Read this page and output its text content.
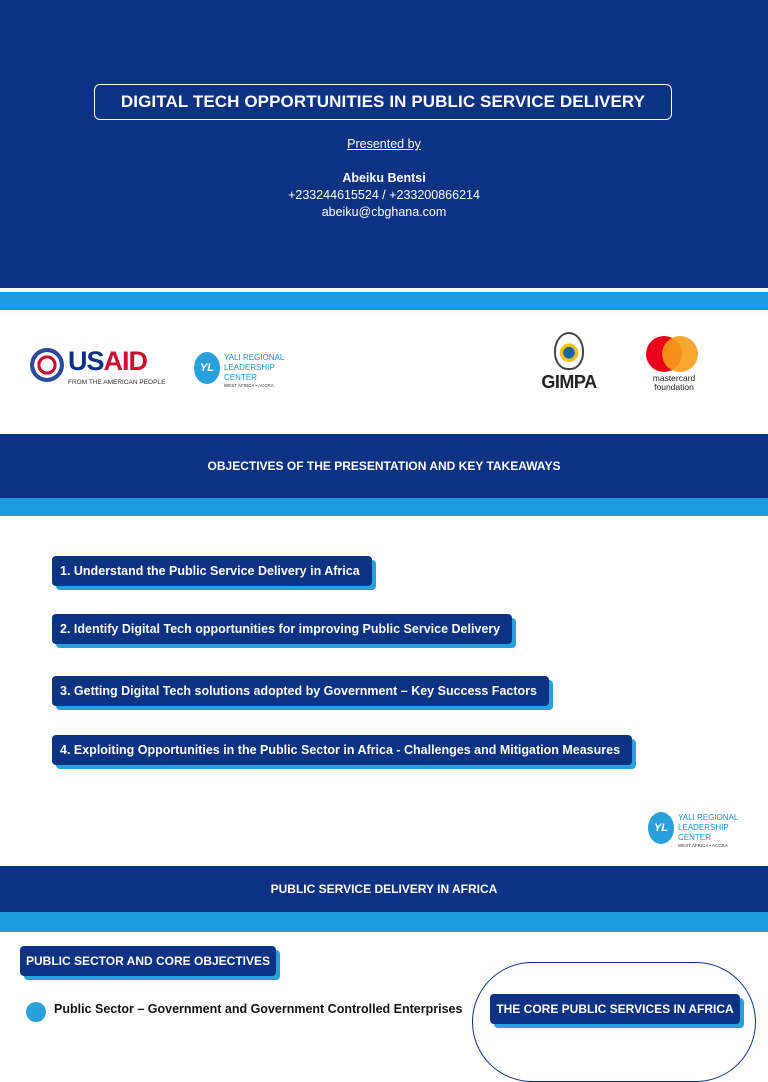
DIGITAL TECH OPPORTUNITIES IN PUBLIC SERVICE DELIVERY
Presented by
Abeiku Bentsi
+233244615524 / +233200866214
abeiku@cbghana.com
USAID
FROM THE AMERICAN PEOPLE
YL
YALI REGIONAL
LEADERSHIP CENTER
WEST AFRICA • ACCRA	GIMPA	mastercard
foundation
OBJECTIVES OF THE PRESENTATION AND KEY TAKEAWAYS
1. Understand the Public Service Delivery in Africa
2. Identify Digital Tech opportunities for improving Public Service Delivery
3. Getting Digital Tech solutions adopted by Government – Key Success Factors
4. Exploiting Opportunities in the Public Sector in Africa - Challenges and Mitigation Measures
YL
YALI REGIONAL
LEADERSHIP CENTER
WEST AFRICA • ACCRA
PUBLIC SERVICE DELIVERY IN AFRICA
PUBLIC SECTOR AND CORE OBJECTIVES
Public Sector – Government and Government Controlled Enterprises	THE CORE PUBLIC SERVICES IN AFRICA
